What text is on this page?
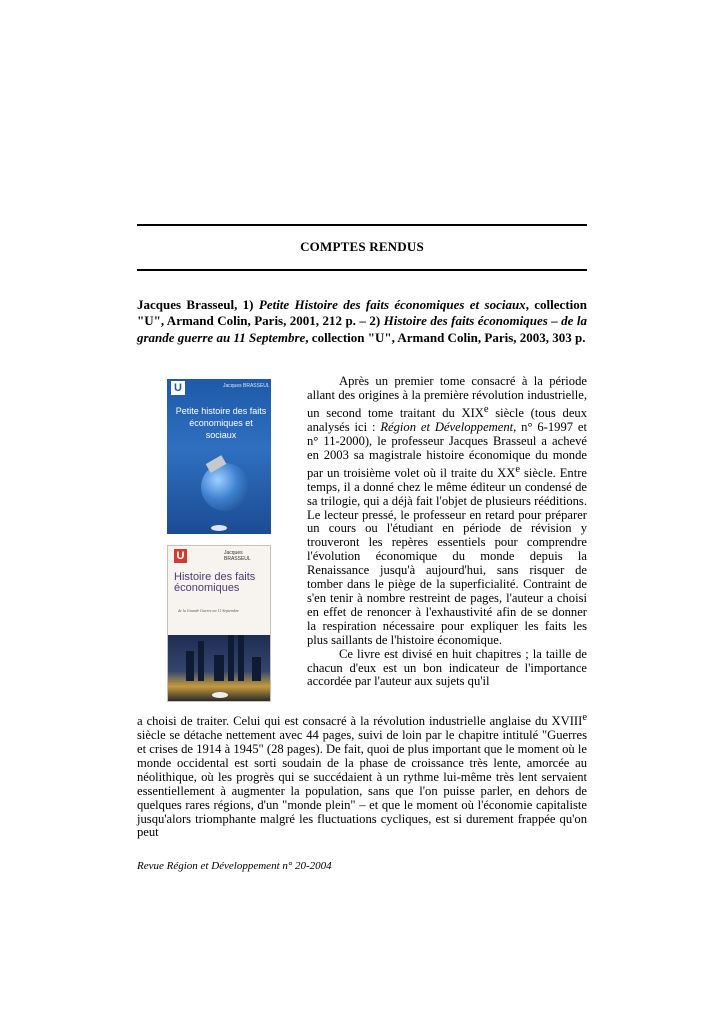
COMPTES RENDUS
Jacques Brasseul, 1) Petite Histoire des faits économiques et sociaux, collection "U", Armand Colin, Paris, 2001, 212 p. – 2) Histoire des faits économiques – de la grande guerre au 11 Septembre, collection "U", Armand Colin, Paris, 2003, 303 p.
U	Jacques BRASSEUL
Petite histoire des faits économiques et sociaux
U	Jacques BRASSEUL
Histoire des faits économiques
de la Grande Guerre au 11 Septembre

Après un premier tome consacré à la période allant des origines à la première révolution industrielle, un second tome traitant du XIXe siècle (tous deux analysés ici : Région et Développement, n° 6-1997 et n° 11-2000), le professeur Jacques Brasseul a achevé en 2003 sa magistrale histoire économique du monde par un troisième volet où il traite du XXe siècle. Entre temps, il a donné chez le même éditeur un condensé de sa trilogie, qui a déjà fait l'objet de plusieurs rééditions. Le lecteur pressé, le professeur en retard pour préparer un cours ou l'étudiant en période de révision y trouveront les repères essentiels pour comprendre l'évolution économique du monde depuis la Renaissance jusqu'à aujourd'hui, sans risquer de tomber dans le piège de la superficialité. Contraint de s'en tenir à nombre restreint de pages, l'auteur a choisi en effet de renoncer à l'exhaustivité afin de se donner la respiration nécessaire pour expliquer les faits les plus saillants de l'histoire économique.

Ce livre est divisé en huit chapitres ; la taille de chacun d'eux est un bon indicateur de l'importance accordée par l'auteur aux sujets qu'il

a choisi de traiter. Celui qui est consacré à la révolution industrielle anglaise du XVIIIe siècle se détache nettement avec 44 pages, suivi de loin par le chapitre intitulé "Guerres et crises de 1914 à 1945" (28 pages). De fait, quoi de plus important que le moment où le monde occidental est sorti soudain de la phase de croissance très lente, amorcée au néolithique, où les progrès qui se succédaient à un rythme lui-même très lent servaient essentiellement à augmenter la population, sans que l'on puisse parler, en dehors de quelques rares régions, d'un "monde plein" – et que le moment où l'économie capitaliste jusqu'alors triomphante malgré les fluctuations cycliques, est si durement frappée qu'on peut

Revue Région et Développement n° 20-2004
